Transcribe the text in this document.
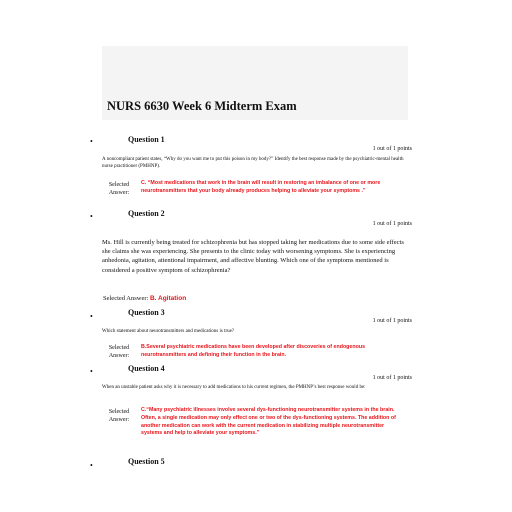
NURS 6630 Week 6 Midterm Exam
•	Question 1
1 out of 1 points
A noncompliant patient states, “Why do you want me to put this poison in my body?” Identify the best response made by the psychiatric-mental health nurse practitioner (PMHNP).
Selected Answer:
C. “Most medications that work in the brain will result in restoring an imbalance of one or more neurotransmitters that your body already produces helping to alleviate your symptoms .”
•	Question 2
1 out of 1 points
Ms. Hill is currently being treated for schizophrenia but has stopped taking her medications due to some side effects she claims she was experiencing. She presents to the clinic today with worsening symptoms. She is experiencing anhedonia, agitation, attentional impairment, and affective blunting. Which one of the symptoms mentioned is considered a positive symptom of schizophrenia?
Selected Answer: B. Agitation
•	Question 3
1 out of 1 points
Which statement about neurotransmitters and medications is true?
Selected Answer:
B.Several psychiatric medications have been developed after discoveries of endogenous neurotransmitters and defining their function in the brain.
•	Question 4
1 out of 1 points
When an unstable patient asks why it is necessary to add medications to his current regimen, the PMHNP’s best response would be:
Selected Answer:
C.“Many psychiatric illnesses involve several dys-functioning neurotransmitter systems in the brain. Often, a single medication may only effect one or two of the dys-functioning systems. The addition of another medication can work with the current medication in stabilizing multiple neurotransmitter systems and help to alleviate your symptoms.”
•	Question 5
